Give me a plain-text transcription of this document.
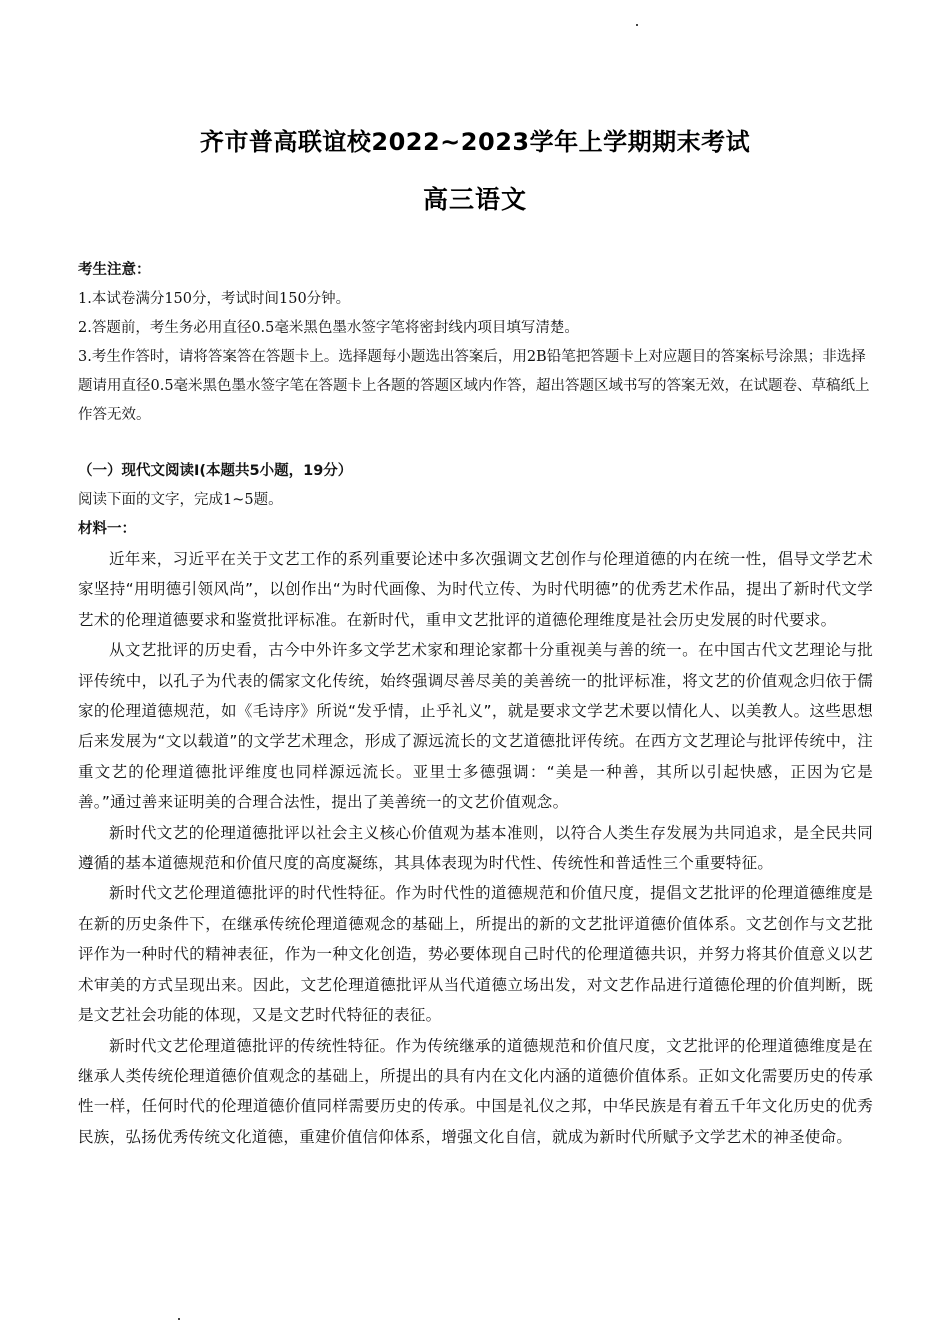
齐市普高联谊校2022~2023学年上学期期末考试
高三语文

考生注意：

1.本试卷满分150分，考试时间150分钟。

2.答题前，考生务必用直径0.5毫米黑色墨水签字笔将密封线内项目填写清楚。

3.考生作答时，请将答案答在答题卡上。选择题每小题选出答案后，用2B铅笔把答题卡上对应题目的答案标号涂黑；非选择题请用直径0.5毫米黑色墨水签字笔在答题卡上各题的答题区域内作答，超出答题区域书写的答案无效，在试题卷、草稿纸上作答无效。

（一）现代文阅读Ⅰ(本题共5小题，19分）

阅读下面的文字，完成1~5题。

材料一：

近年来，习近平在关于文艺工作的系列重要论述中多次强调文艺创作与伦理道德的内在统一性，倡导文学艺术家坚持“用明德引领风尚”，以创作出“为时代画像、为时代立传、为时代明德”的优秀艺术作品，提出了新时代文学艺术的伦理道德要求和鉴赏批评标准。在新时代，重申文艺批评的道德伦理维度是社会历史发展的时代要求。

从文艺批评的历史看，古今中外许多文学艺术家和理论家都十分重视美与善的统一。在中国古代文艺理论与批评传统中，以孔子为代表的儒家文化传统，始终强调尽善尽美的美善统一的批评标准，将文艺的价值观念归依于儒家的伦理道德规范，如《毛诗序》所说“发乎情，止乎礼义”，就是要求文学艺术要以情化人、以美教人。这些思想后来发展为“文以载道”的文学艺术理念，形成了源远流长的文艺道德批评传统。在西方文艺理论与批评传统中，注重文艺的伦理道德批评维度也同样源远流长。亚里士多德强调：“美是一种善，其所以引起快感，正因为它是善。”通过善来证明美的合理合法性，提出了美善统一的文艺价值观念。

新时代文艺的伦理道德批评以社会主义核心价值观为基本准则，以符合人类生存发展为共同追求，是全民共同遵循的基本道德规范和价值尺度的高度凝练，其具体表现为时代性、传统性和普适性三个重要特征。

新时代文艺伦理道德批评的时代性特征。作为时代性的道德规范和价值尺度，提倡文艺批评的伦理道德维度是在新的历史条件下，在继承传统伦理道德观念的基础上，所提出的新的文艺批评道德价值体系。文艺创作与文艺批评作为一种时代的精神表征，作为一种文化创造，势必要体现自己时代的伦理道德共识，并努力将其价值意义以艺术审美的方式呈现出来。因此，文艺伦理道德批评从当代道德立场出发，对文艺作品进行道德伦理的价值判断，既是文艺社会功能的体现，又是文艺时代特征的表征。

新时代文艺伦理道德批评的传统性特征。作为传统继承的道德规范和价值尺度，文艺批评的伦理道德维度是在继承人类传统伦理道德价值观念的基础上，所提出的具有内在文化内涵的道德价值体系。正如文化需要历史的传承性一样，任何时代的伦理道德价值同样需要历史的传承。中国是礼仪之邦，中华民族是有着五千年文化历史的优秀民族，弘扬优秀传统文化道德，重建价值信仰体系，增强文化自信，就成为新时代所赋予文学艺术的神圣使命。
